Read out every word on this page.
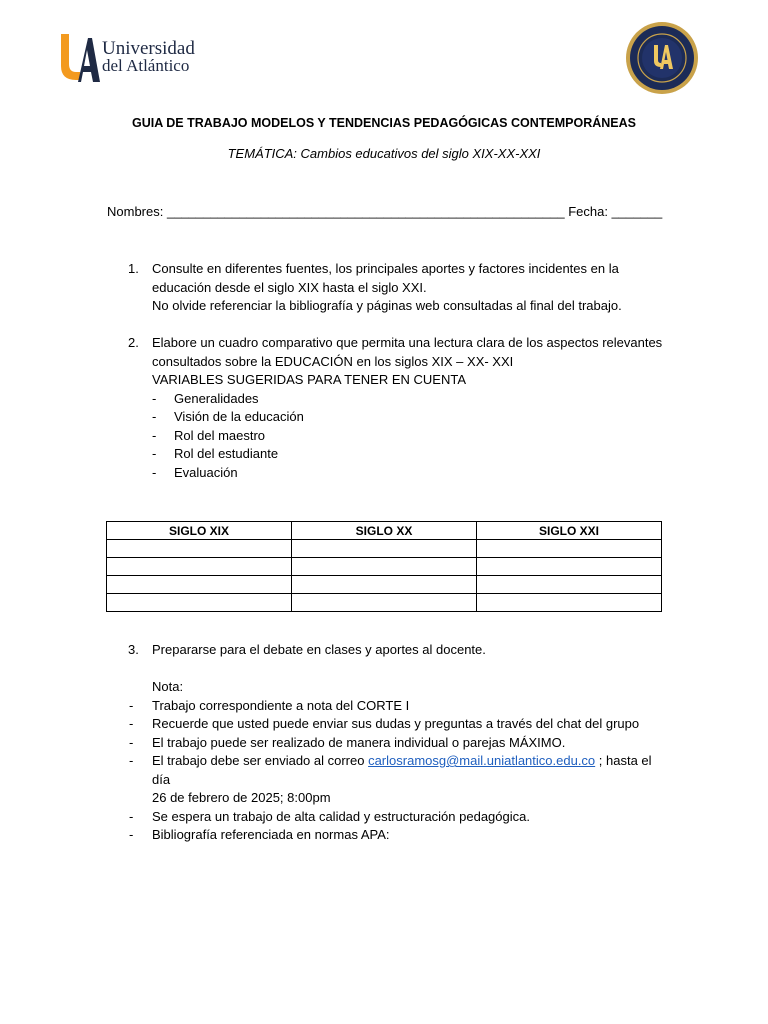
Universidad
del Atlántico
GUIA DE TRABAJO MODELOS Y TENDENCIAS PEDAGÓGICAS CONTEMPORÁNEAS
TEMÁTICA: Cambios educativos del siglo XIX-XX-XXI
Nombres: _______________________________________________________ Fecha: _______
1. Consulte en diferentes fuentes, los principales aportes y factores incidentes en la
educación desde el siglo XIX hasta el siglo XXI.
No olvide referenciar la bibliografía y páginas web consultadas al final del trabajo.
2. Elabore un cuadro comparativo que permita una lectura clara de los aspectos relevantes
consultados sobre la EDUCACIÓN en los siglos XIX – XX- XXI
VARIABLES SUGERIDAS PARA TENER EN CUENTA
- Generalidades
- Visión de la educación
- Rol del maestro
- Rol del estudiante
- Evaluación
SIGLO XIX	SIGLO XX	SIGLO XXI

3. Prepararse para el debate en clases y aportes al docente.
Nota:
- Trabajo correspondiente a nota del CORTE I
- Recuerde que usted puede enviar sus dudas y preguntas a través del chat del grupo
- El trabajo puede ser realizado de manera individual o parejas MÁXIMO.
- El trabajo debe ser enviado al correo carlosramosg@mail.uniatlantico.edu.co ; hasta el día
26 de febrero de 2025; 8:00pm
- Se espera un trabajo de alta calidad y estructuración pedagógica.
- Bibliografía referenciada en normas APA:
